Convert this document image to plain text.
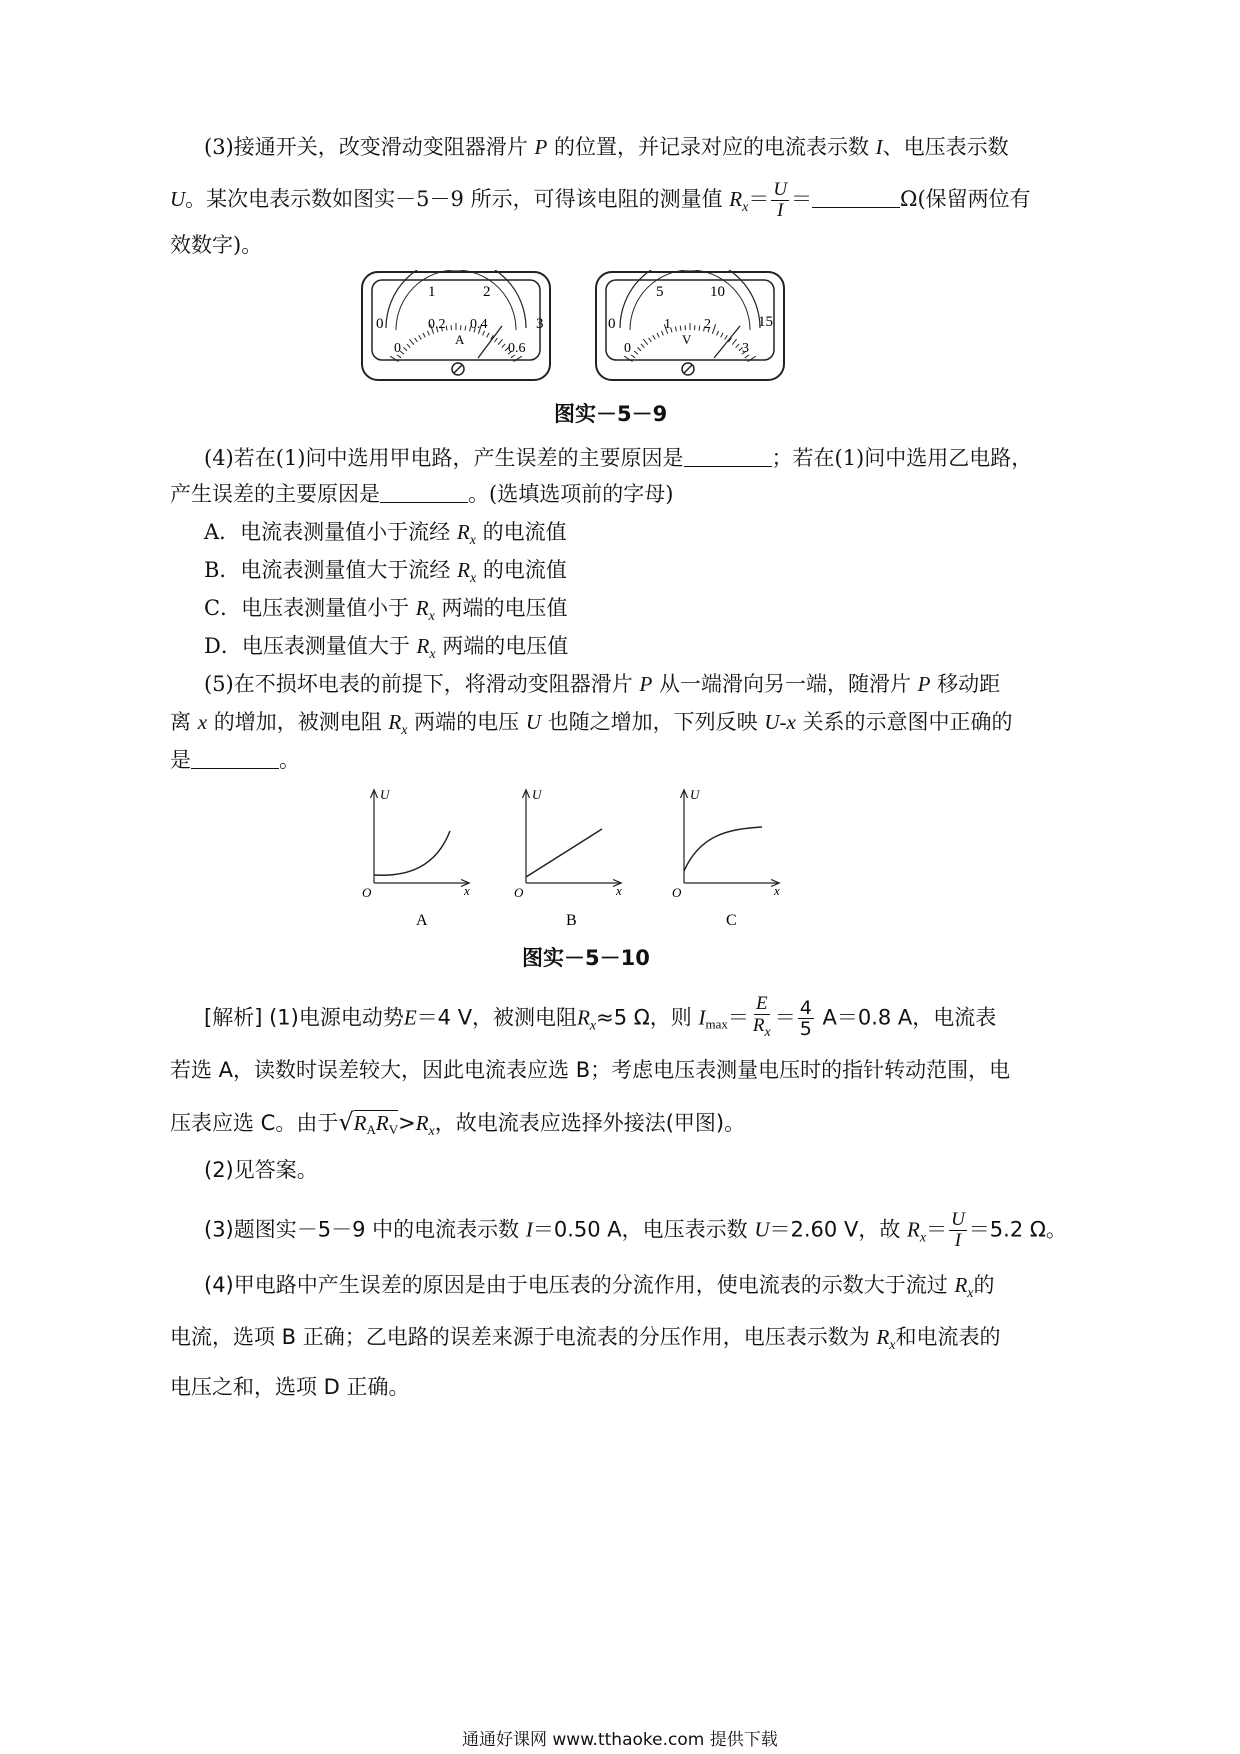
(3)接通开关，改变滑动变阻器滑片 P 的位置，并记录对应的电流表示数 I、电压表示数
U。某次电表示数如图实－5－9 所示，可得该电阻的测量值 $R_x= \frac{U}{I}$ ＝	Ω(保留两位有
效数字)。
0
1	2
3
0
0.2 0.4
0.6
A
0
5	10
15
0
1 2
3
V
图实－5－9
(4)若在(1)问中选用甲电路，产生误差的主要原因是	；若在(1)问中选用乙电路，
产生误差的主要原因是	。(选填选项前的字母)
A．电流表测量值小于流经 $R_x$ 的电流值
B．电流表测量值大于流经 $R_x$ 的电流值
C．电压表测量值小于 $R_x$ 两端的电压值
D．电压表测量值大于 $R_x$ 两端的电压值
(5)在不损坏电表的前提下，将滑动变阻器滑片 P 从一端滑向另一端，随滑片 P 移动距
离 x 的增加，被测电阻 $R_x$ 两端的电压 U 也随之增加，下列反映 U-x 关系的示意图中正确的
是	。
U
x
O
A
U
x
O
B
U
x
O
C
图实－5－10
[解析] (1)电源电动势E＝4 V，被测电阻$R_x\approx 5$ Ω，则 $Imax= \frac{E}{R_x} = \frac{4}{5} A=0.8$ A，电流表
若选 A，读数时误差较大，因此电流表应选 B；考虑电压表测量电压时的指针转动范围，电
压表应选 C。由于$√RARV>R_x$，故电流表应选择外接法(甲图)。
(2)见答案。
(3)题图实－5－9 中的电流表示数 I＝0.50 A，电压表示数 U＝2.60 V，故 $R_x= \frac{U}{I} =5.2$ Ω。
(4)甲电路中产生误差的原因是由于电压表的分流作用，使电流表的示数大于流过 $R_x$的
电流，选项 B 正确；乙电路的误差来源于电流表的分压作用，电压表示数为 $R_x$和电流表的
电压之和，选项 D 正确。
通通好课网 www.tthaoke.com 提供下载
